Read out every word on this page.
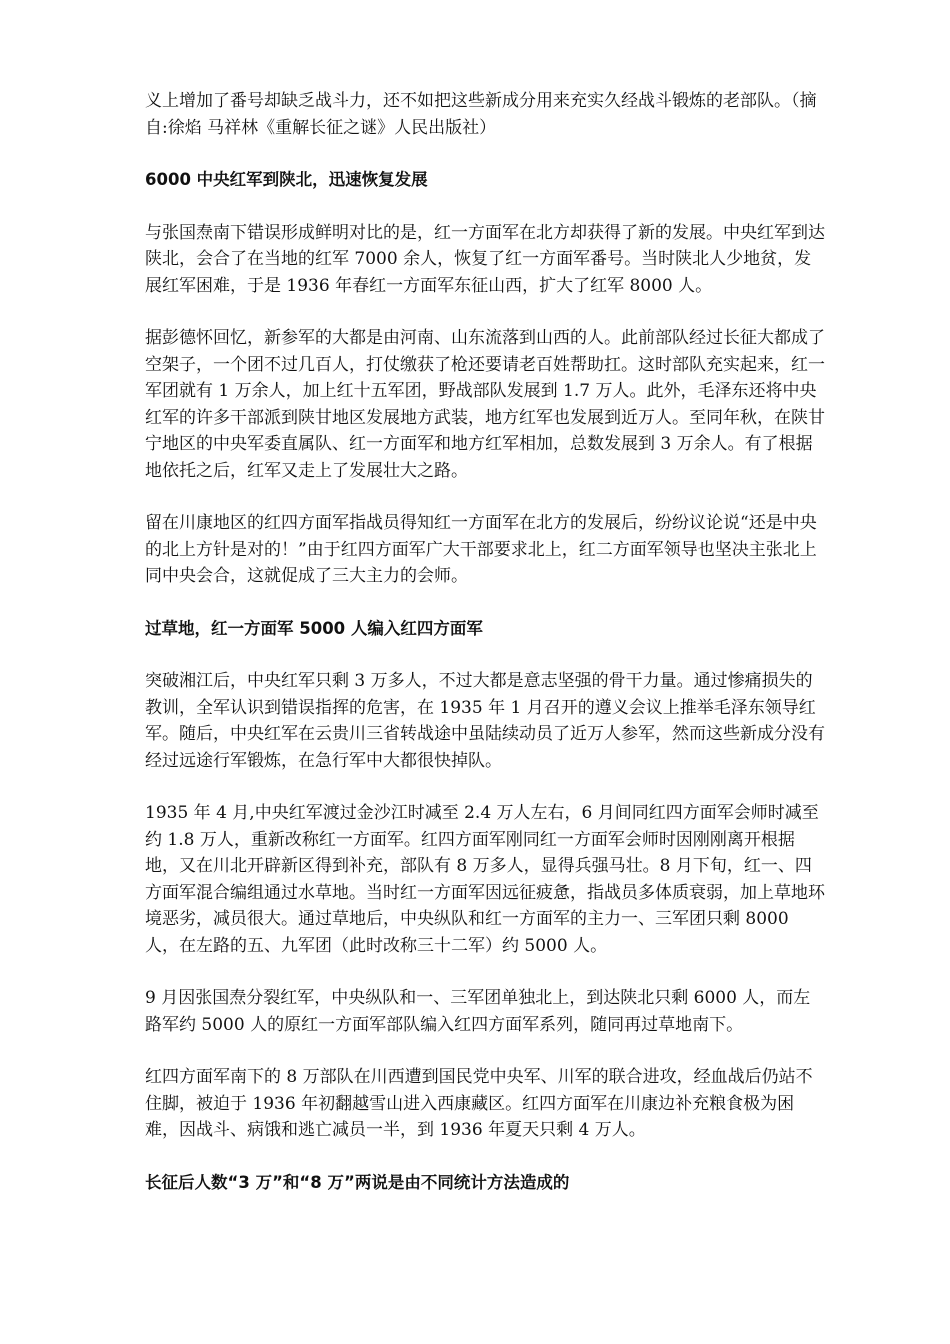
义上增加了番号却缺乏战斗力，还不如把这些新成分用来充实久经战斗锻炼的老部队。（摘自:徐焰 马祥林《重解长征之谜》人民出版社）

6000 中央红军到陕北，迅速恢复发展

与张国焘南下错误形成鲜明对比的是，红一方面军在北方却获得了新的发展。中央红军到达陕北，会合了在当地的红军 7000 余人，恢复了红一方面军番号。当时陕北人少地贫，发展红军困难，于是 1936 年春红一方面军东征山西，扩大了红军 8000 人。

据彭德怀回忆，新参军的大都是由河南、山东流落到山西的人。此前部队经过长征大都成了空架子，一个团不过几百人，打仗缴获了枪还要请老百姓帮助扛。这时部队充实起来，红一军团就有 1 万余人，加上红十五军团，野战部队发展到 1.7 万人。此外，毛泽东还将中央红军的许多干部派到陕甘地区发展地方武装，地方红军也发展到近万人。至同年秋，在陕甘宁地区的中央军委直属队、红一方面军和地方红军相加，总数发展到 3 万余人。有了根据地依托之后，红军又走上了发展壮大之路。

留在川康地区的红四方面军指战员得知红一方面军在北方的发展后，纷纷议论说“还是中央的北上方针是对的！”由于红四方面军广大干部要求北上，红二方面军领导也坚决主张北上同中央会合，这就促成了三大主力的会师。

过草地，红一方面军 5000 人编入红四方面军

突破湘江后，中央红军只剩 3 万多人，不过大都是意志坚强的骨干力量。通过惨痛损失的教训，全军认识到错误指挥的危害，在 1935 年 1 月召开的遵义会议上推举毛泽东领导红军。随后，中央红军在云贵川三省转战途中虽陆续动员了近万人参军，然而这些新成分没有经过远途行军锻炼，在急行军中大都很快掉队。

1935 年 4 月,中央红军渡过金沙江时减至 2.4 万人左右，6 月间同红四方面军会师时减至约 1.8 万人，重新改称红一方面军。红四方面军刚同红一方面军会师时因刚刚离开根据地，又在川北开辟新区得到补充，部队有 8 万多人，显得兵强马壮。8 月下旬，红一、四方面军混合编组通过水草地。当时红一方面军因远征疲惫，指战员多体质衰弱，加上草地环境恶劣，减员很大。通过草地后，中央纵队和红一方面军的主力一、三军团只剩 8000 人，在左路的五、九军团（此时改称三十二军）约 5000 人。

9 月因张国焘分裂红军，中央纵队和一、三军团单独北上，到达陕北只剩 6000 人，而左路军约 5000 人的原红一方面军部队编入红四方面军系列，随同再过草地南下。

红四方面军南下的 8 万部队在川西遭到国民党中央军、川军的联合进攻，经血战后仍站不住脚，被迫于 1936 年初翻越雪山进入西康藏区。红四方面军在川康边补充粮食极为困难，因战斗、病饿和逃亡减员一半，到 1936 年夏天只剩 4 万人。

长征后人数“3 万”和“8 万”两说是由不同统计方法造成的
